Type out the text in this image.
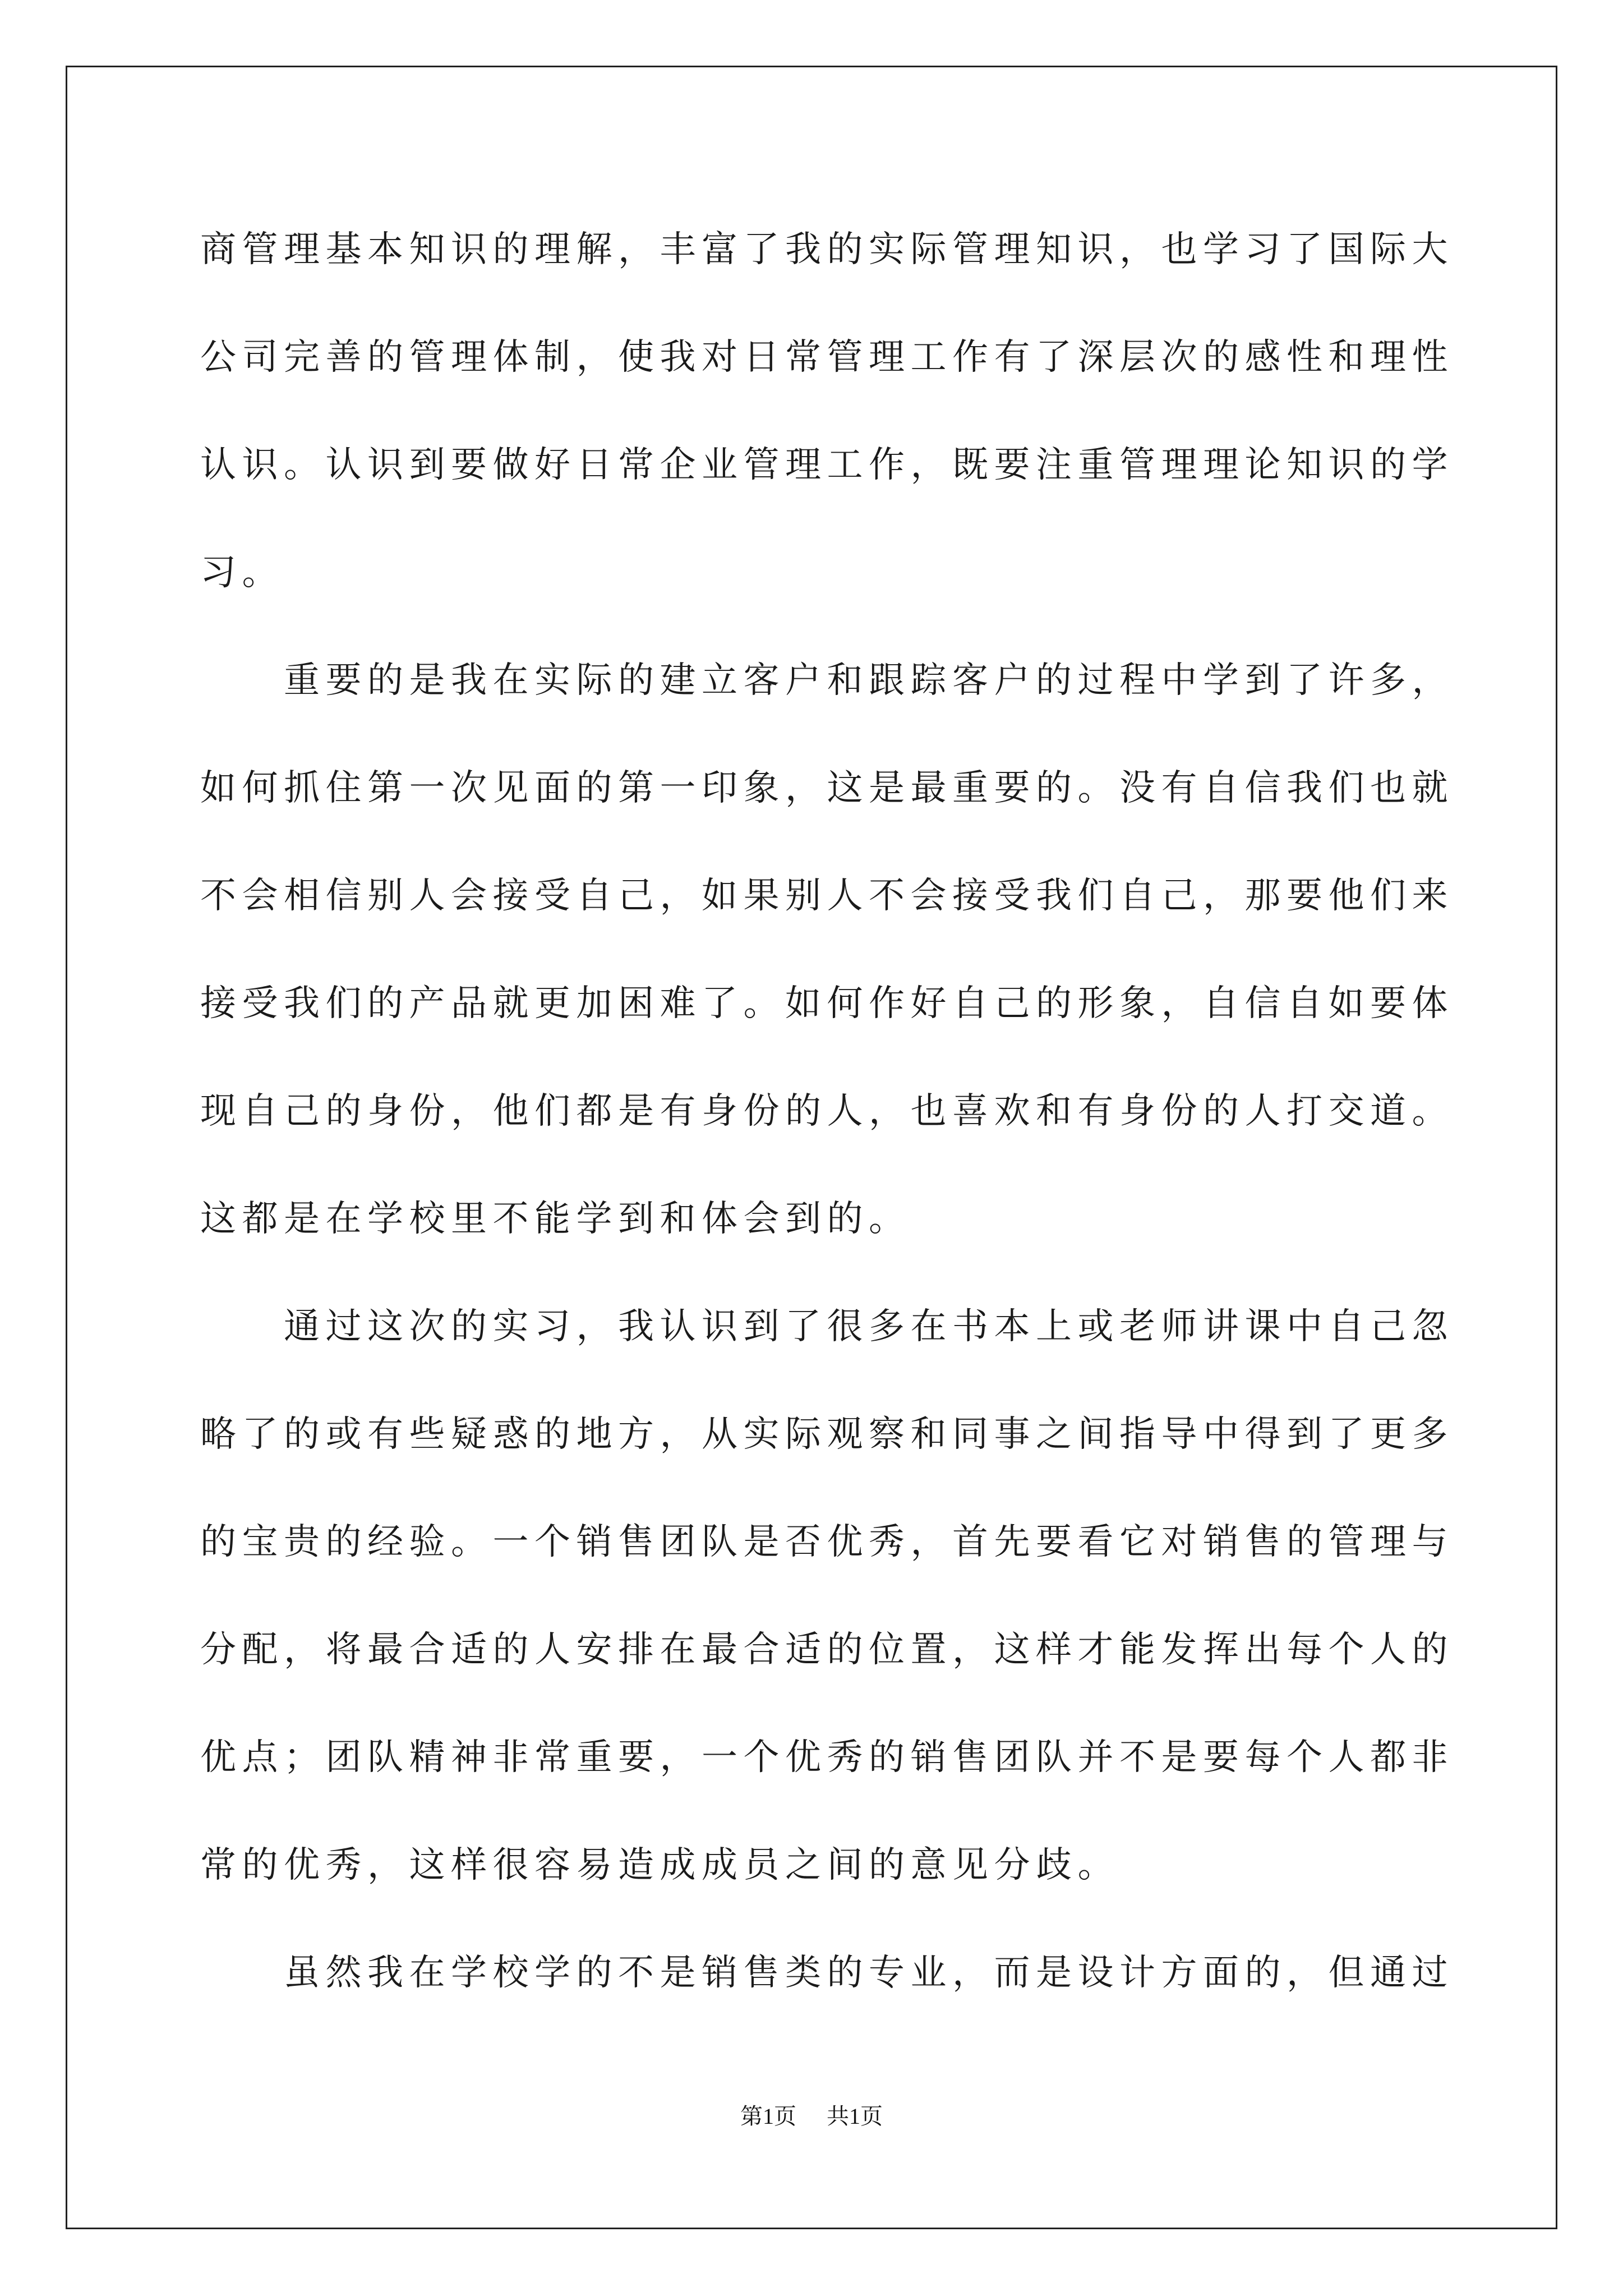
商管理基本知识的理解，丰富了我的实际管理知识，也学习了国际大
公司完善的管理体制，使我对日常管理工作有了深层次的感性和理性
认识。认识到要做好日常企业管理工作，既要注重管理理论知识的学
习。
重要的是我在实际的建立客户和跟踪客户的过程中学到了许多，
如何抓住第一次见面的第一印象，这是最重要的。没有自信我们也就
不会相信别人会接受自己，如果别人不会接受我们自己，那要他们来
接受我们的产品就更加困难了。如何作好自己的形象，自信自如要体
现自己的身份，他们都是有身份的人，也喜欢和有身份的人打交道。
这都是在学校里不能学到和体会到的。
通过这次的实习，我认识到了很多在书本上或老师讲课中自己忽
略了的或有些疑惑的地方，从实际观察和同事之间指导中得到了更多
的宝贵的经验。一个销售团队是否优秀，首先要看它对销售的管理与
分配，将最合适的人安排在最合适的位置，这样才能发挥出每个人的
优点；团队精神非常重要，一个优秀的销售团队并不是要每个人都非
常的优秀，这样很容易造成成员之间的意见分歧。
虽然我在学校学的不是销售类的专业，而是设计方面的，但通过
第1页 共1页
